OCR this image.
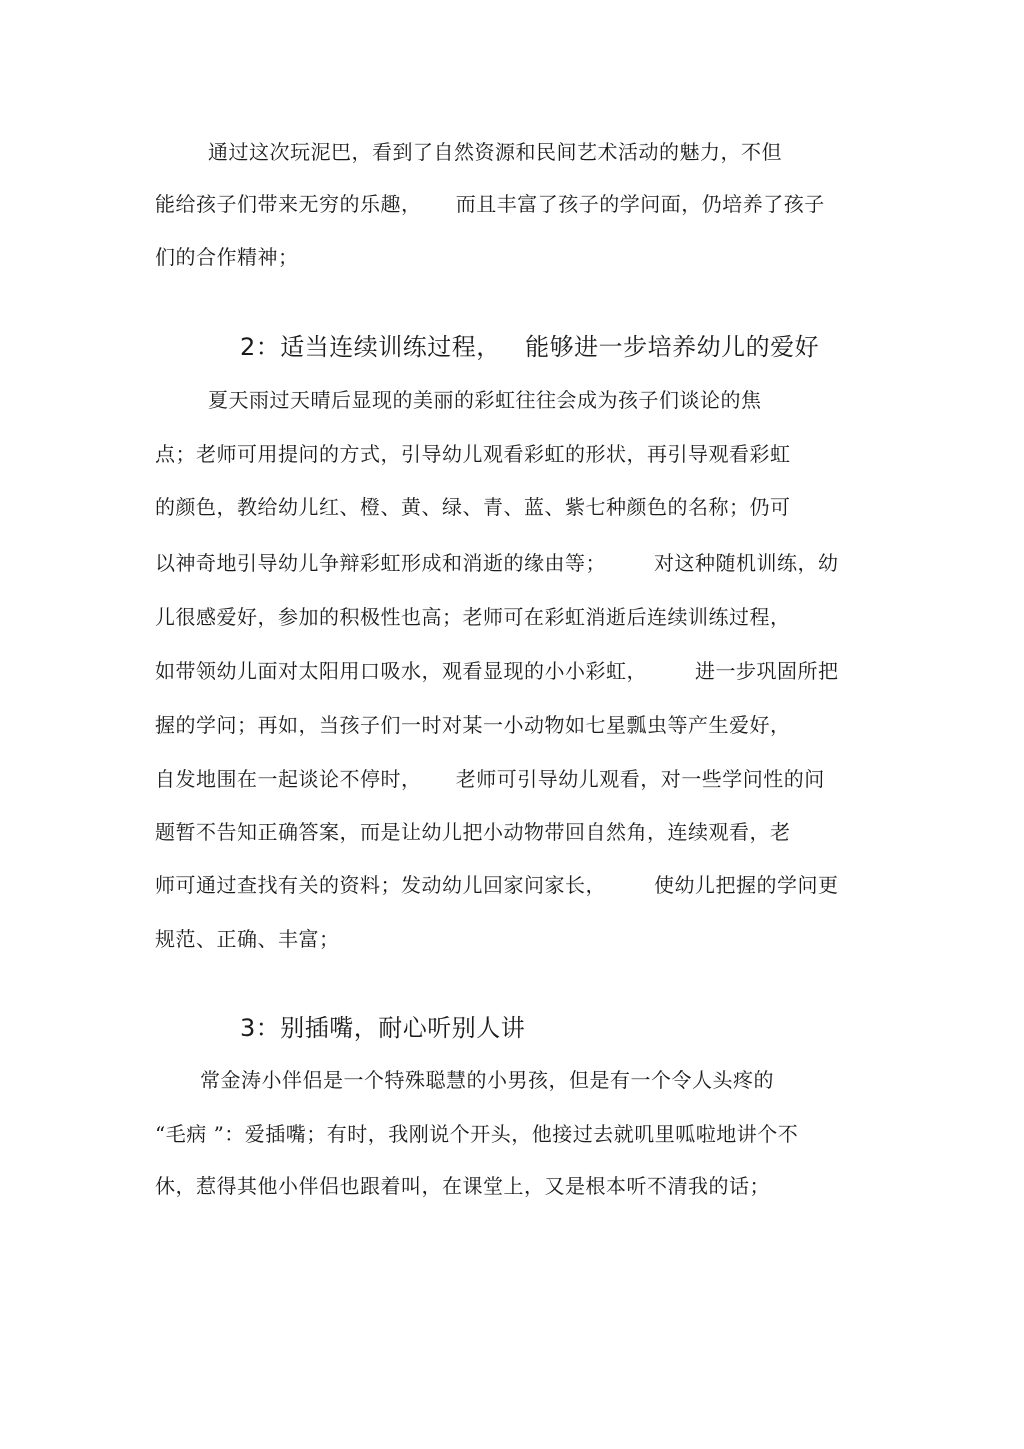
通过这次玩泥巴，看到了自然资源和民间艺术活动的魅力，不但
能给孩子们带来无穷的乐趣，     而且丰富了孩子的学问面，仍培养了孩子
们的合作精神；
2：适当连续训练过程，   能够进一步培养幼儿的爱好
夏天雨过天晴后显现的美丽的彩虹往往会成为孩子们谈论的焦
点；老师可用提问的方式，引导幼儿观看彩虹的形状，再引导观看彩虹
的颜色，教给幼儿红、橙、黄、绿、青、蓝、紫七种颜色的名称；仍可
以神奇地引导幼儿争辩彩虹形成和消逝的缘由等；       对这种随机训练，幼
儿很感爱好，参加的积极性也高；老师可在彩虹消逝后连续训练过程，
如带领幼儿面对太阳用口吸水，观看显现的小小彩虹，       进一步巩固所把
握的学问；再如，当孩子们一时对某一小动物如七星瓢虫等产生爱好，
自发地围在一起谈论不停时，     老师可引导幼儿观看，对一些学问性的问
题暂不告知正确答案，而是让幼儿把小动物带回自然角，连续观看，老
师可通过查找有关的资料；发动幼儿回家问家长，       使幼儿把握的学问更
规范、正确、丰富；
3：别插嘴，耐心听别人讲
常金涛小伴侣是一个特殊聪慧的小男孩，但是有一个令人头疼的
“毛病 ”：爱插嘴；有时，我刚说个开头，他接过去就叽里呱啦地讲个不
休，惹得其他小伴侣也跟着叫，在课堂上，又是根本听不清我的话；
